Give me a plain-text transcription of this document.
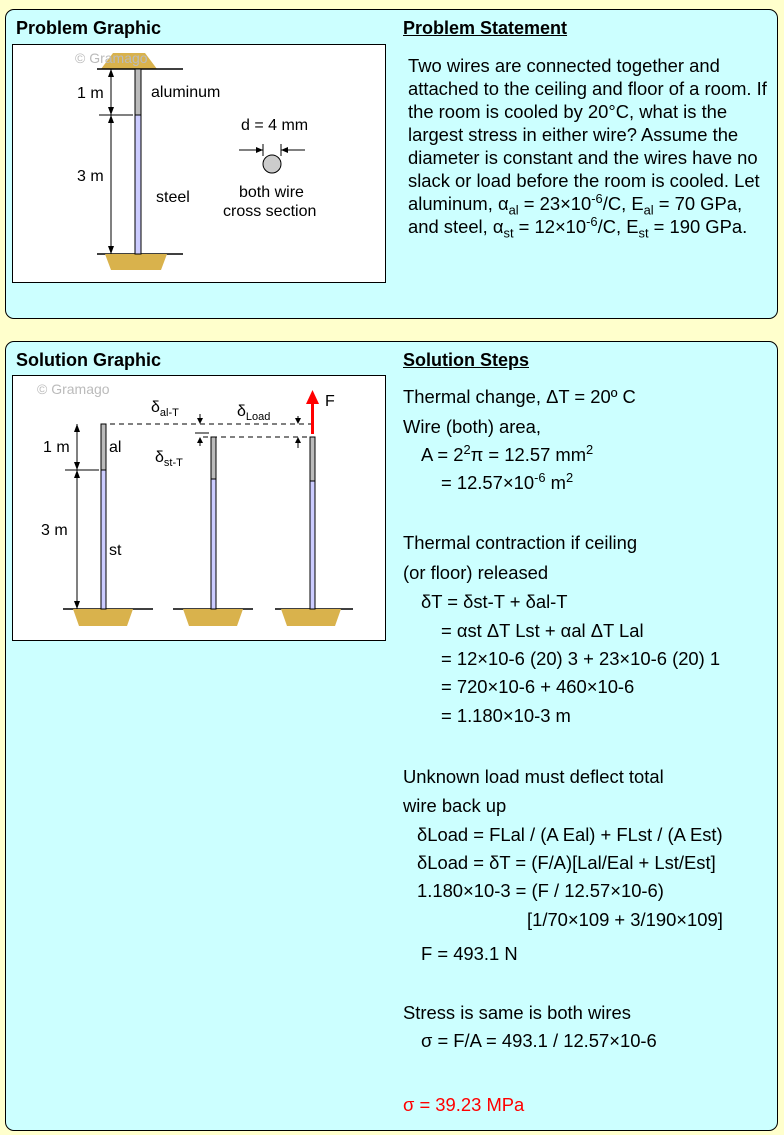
Problem Graphic	Problem Statement
© Gramago
1 m
3 m
aluminum
steel
d = 4 mm
both wire
cross section
Two wires are connected together and attached to the ceiling and floor of a room. If the room is cooled by 20°C, what is the largest stress in either wire? Assume the diameter is constant and the wires have no slack or load before the room is cooled. Let aluminum, $\alpha_{al} = 23\times 10^{-6}/C$, $E_{al} = 70$ GPa, and steel, $\alpha_{st} = 12\times 10^{-6}/C$, $E_{st} = 190$ GPa.
Solution Graphic	Solution Steps
© Gramago
F
$\delta_{al-T}$	$\delta_{Load}$
$\delta_{st-T}$
1 m
3 m
al
st
Thermal change, ΔT = 20º C
Wire (both) area,
$A = 2^2\pi = 12.57$ $mm^2$
= $12.57\times 10^{-6}$ $m^2$
Thermal contraction if ceiling
(or floor) released
δT = δst-T + δal-T
= αst ΔT Lst + αal ΔT Lal
= 12×10-6 (20) 3 + 23×10-6 (20) 1
= 720×10-6 + 460×10-6
= 1.180×10-3 m
Unknown load must deflect total
wire back up
δLoad = FLal / (A Eal) + FLst / (A Est)
δLoad = δT = (F/A)[Lal/Eal + Lst/Est]
1.180×10-3 = (F / 12.57×10-6)
[1/70×109 + 3/190×109]
F = 493.1 N
Stress is same is both wires
σ = F/A = 493.1 / 12.57×10-6
σ = 39.23 MPa
